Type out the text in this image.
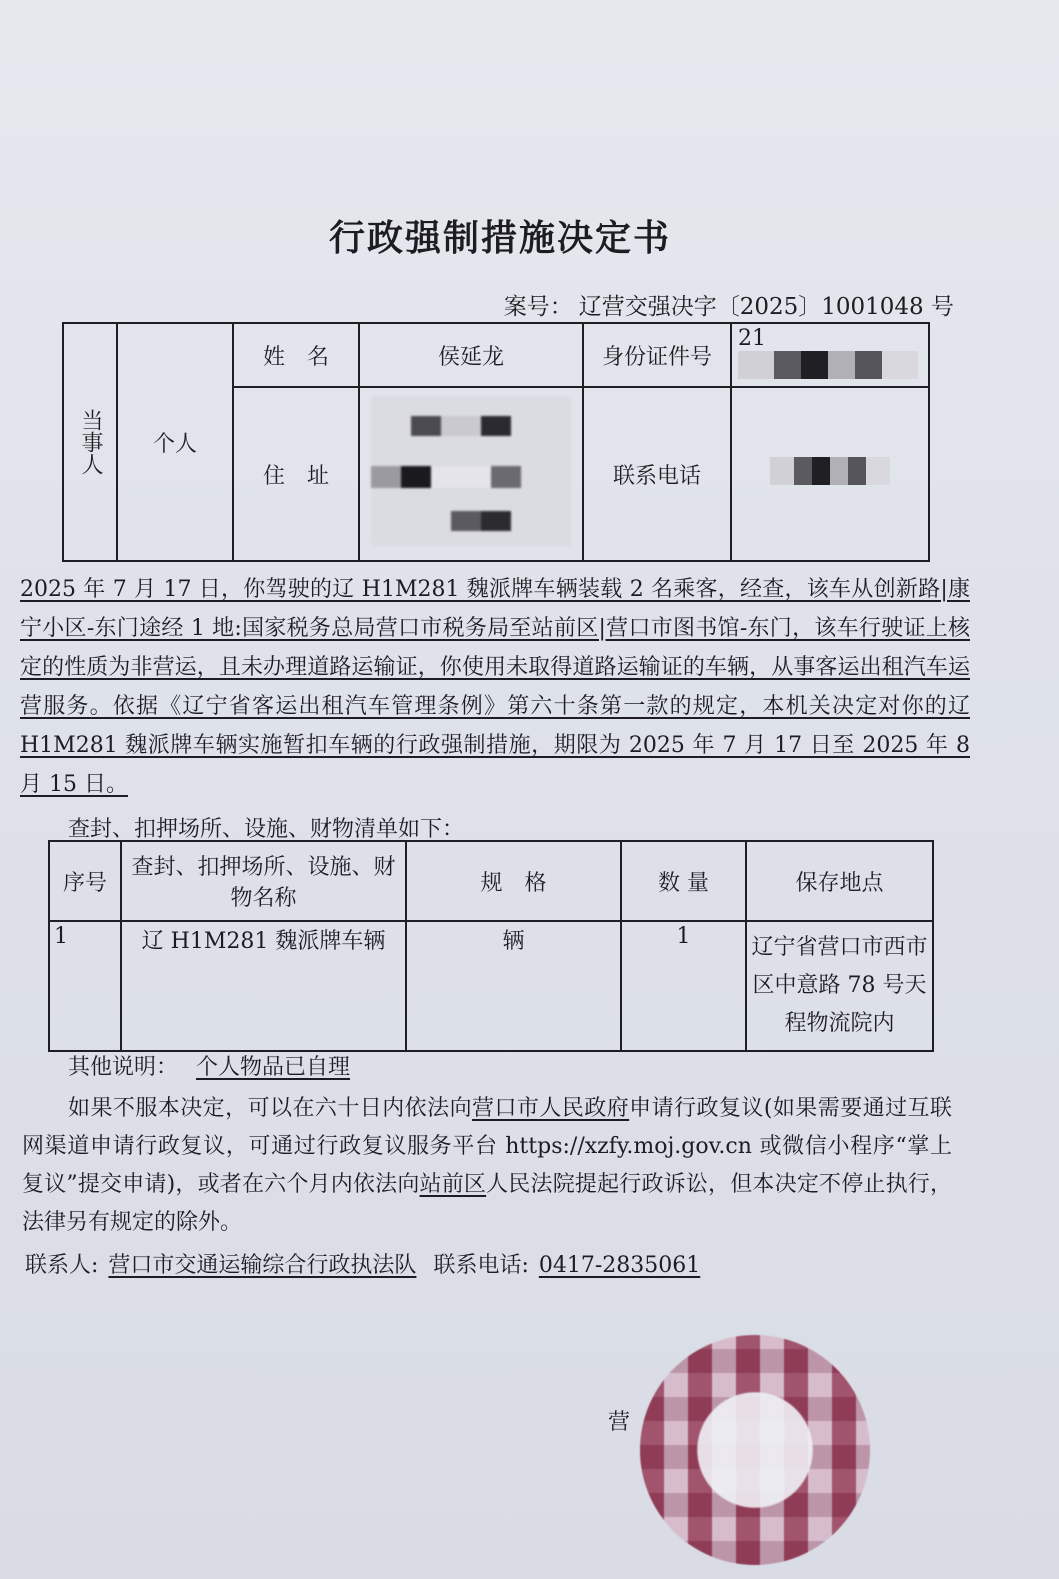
行政强制措施决定书
案号： 辽营交强决字〔2025〕1001048 号
当事人	个人	姓　名	侯延龙	身份证件号	21
		住　址		联系电话	
2025 年 7 月 17 日，你驾驶的辽 H1M281 魏派牌车辆装载 2 名乘客，经查，该车从创新路|康宁小区-东门途经 1 地:国家税务总局营口市税务局至站前区|营口市图书馆-东门，该车行驶证上核定的性质为非营运，且未办理道路运输证，你使用未取得道路运输证的车辆，从事客运出租汽车运营服务。依据《辽宁省客运出租汽车管理条例》第六十条第一款的规定，本机关决定对你的辽 H1M281 魏派牌车辆实施暂扣车辆的行政强制措施，期限为 2025 年 7 月 17 日至 2025 年 8 月 15 日。
查封、扣押场所、设施、财物清单如下：
序号	查封、扣押场所、设施、财物名称	规　格	数 量	保存地点
1	辽 H1M281 魏派牌车辆	辆	1	辽宁省营口市西市区中意路 78 号天程物流院内
其他说明： 个人物品已自理
如果不服本决定，可以在六十日内依法向营口市人民政府申请行政复议(如果需要通过互联网渠道申请行政复议，可通过行政复议服务平台 https://xzfy.moj.gov.cn 或微信小程序“掌上复议”提交申请)，或者在六个月内依法向站前区人民法院提起行政诉讼，但本决定不停止执行，法律另有规定的除外。
联系人: 营口市交通运输综合行政执法队 联系电话: 0417-2835061
营
